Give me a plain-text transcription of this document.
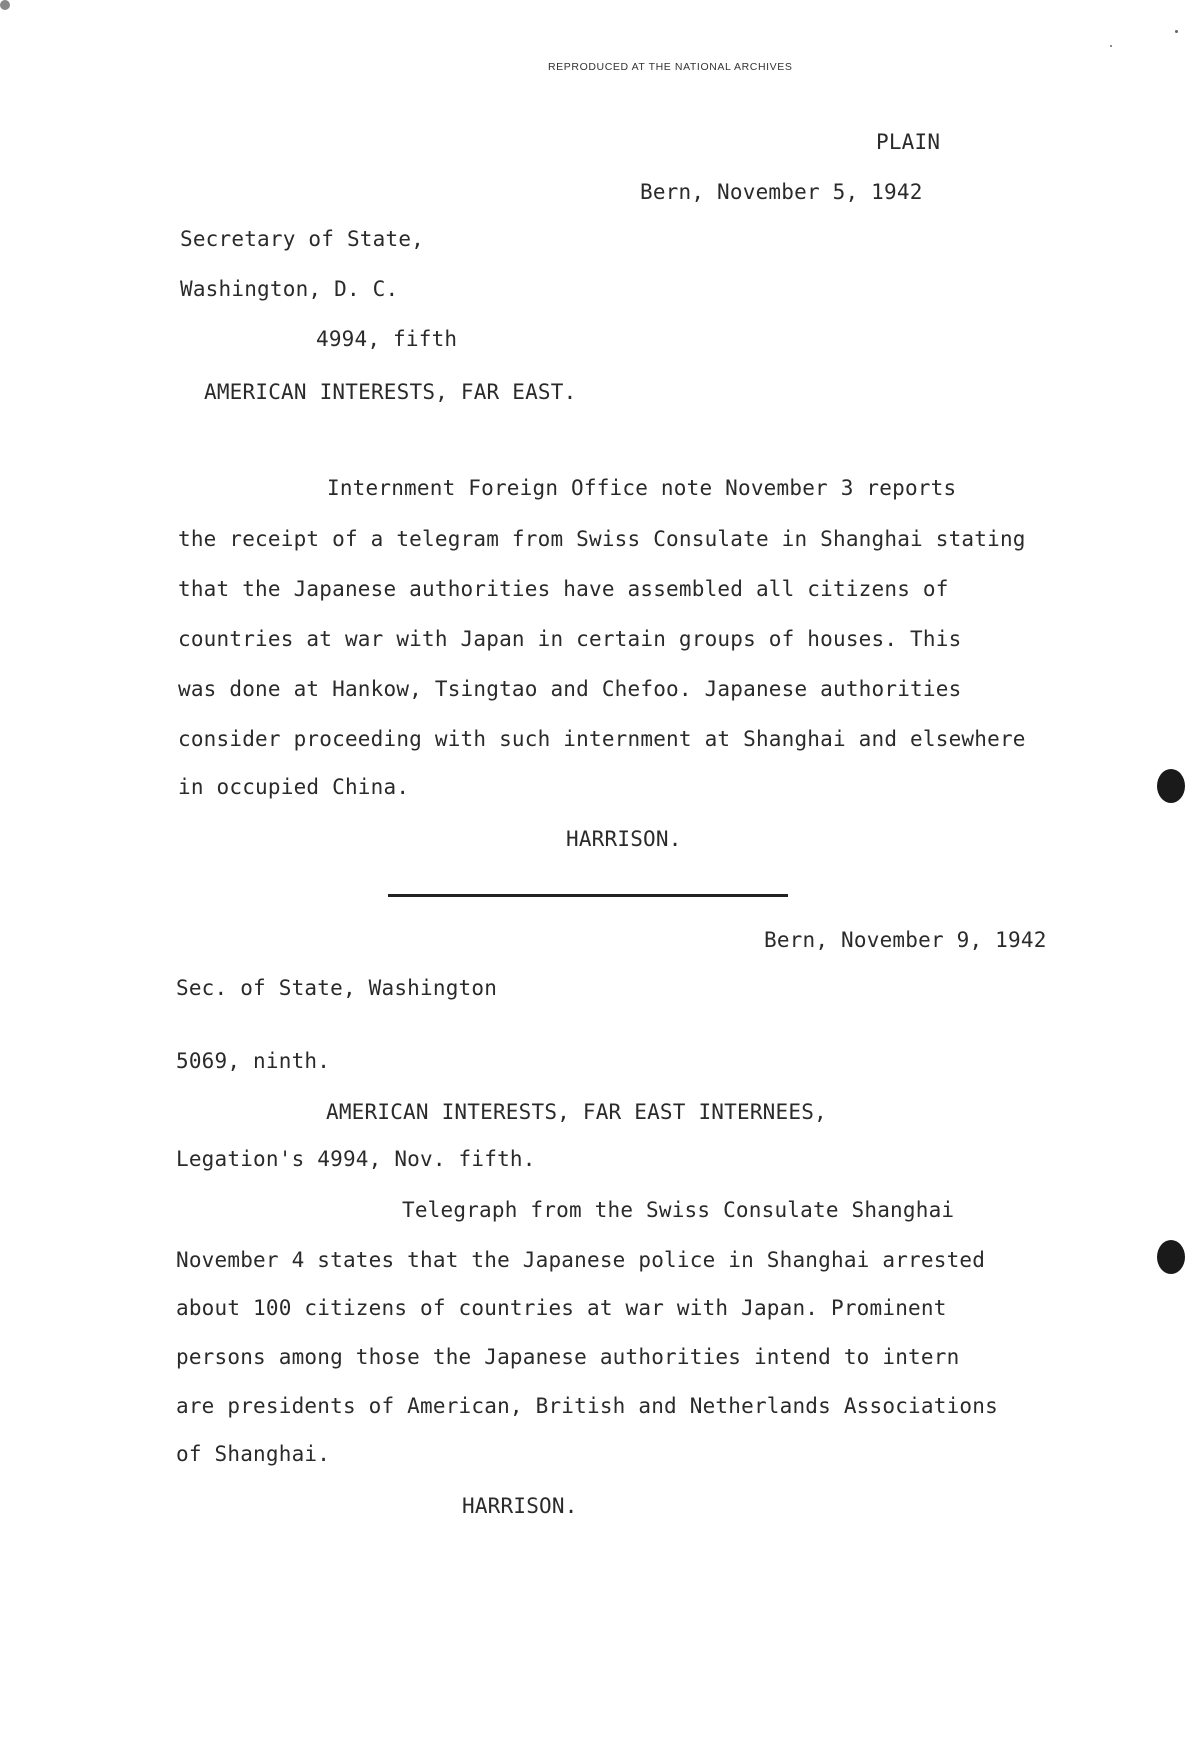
REPRODUCED AT THE NATIONAL ARCHIVES
PLAIN
Bern, November 5, 1942
Secretary of State,
Washington, D. C.
4994, fifth
AMERICAN INTERESTS, FAR EAST.
Internment Foreign Office note November 3 reports
the receipt of a telegram from Swiss Consulate in Shanghai stating
that the Japanese authorities have assembled all citizens of
countries at war with Japan in certain groups of houses. This
was done at Hankow, Tsingtao and Chefoo. Japanese authorities
consider proceeding with such internment at Shanghai and elsewhere
in occupied China.
HARRISON.
Bern, November 9, 1942
Sec. of State, Washington
5069, ninth.
AMERICAN INTERESTS, FAR EAST INTERNEES,
Legation's 4994, Nov. fifth.
Telegraph from the Swiss Consulate Shanghai
November 4 states that the Japanese police in Shanghai arrested
about 100 citizens of countries at war with Japan. Prominent
persons among those the Japanese authorities intend to intern
are presidents of American, British and Netherlands Associations
of Shanghai.
HARRISON.
